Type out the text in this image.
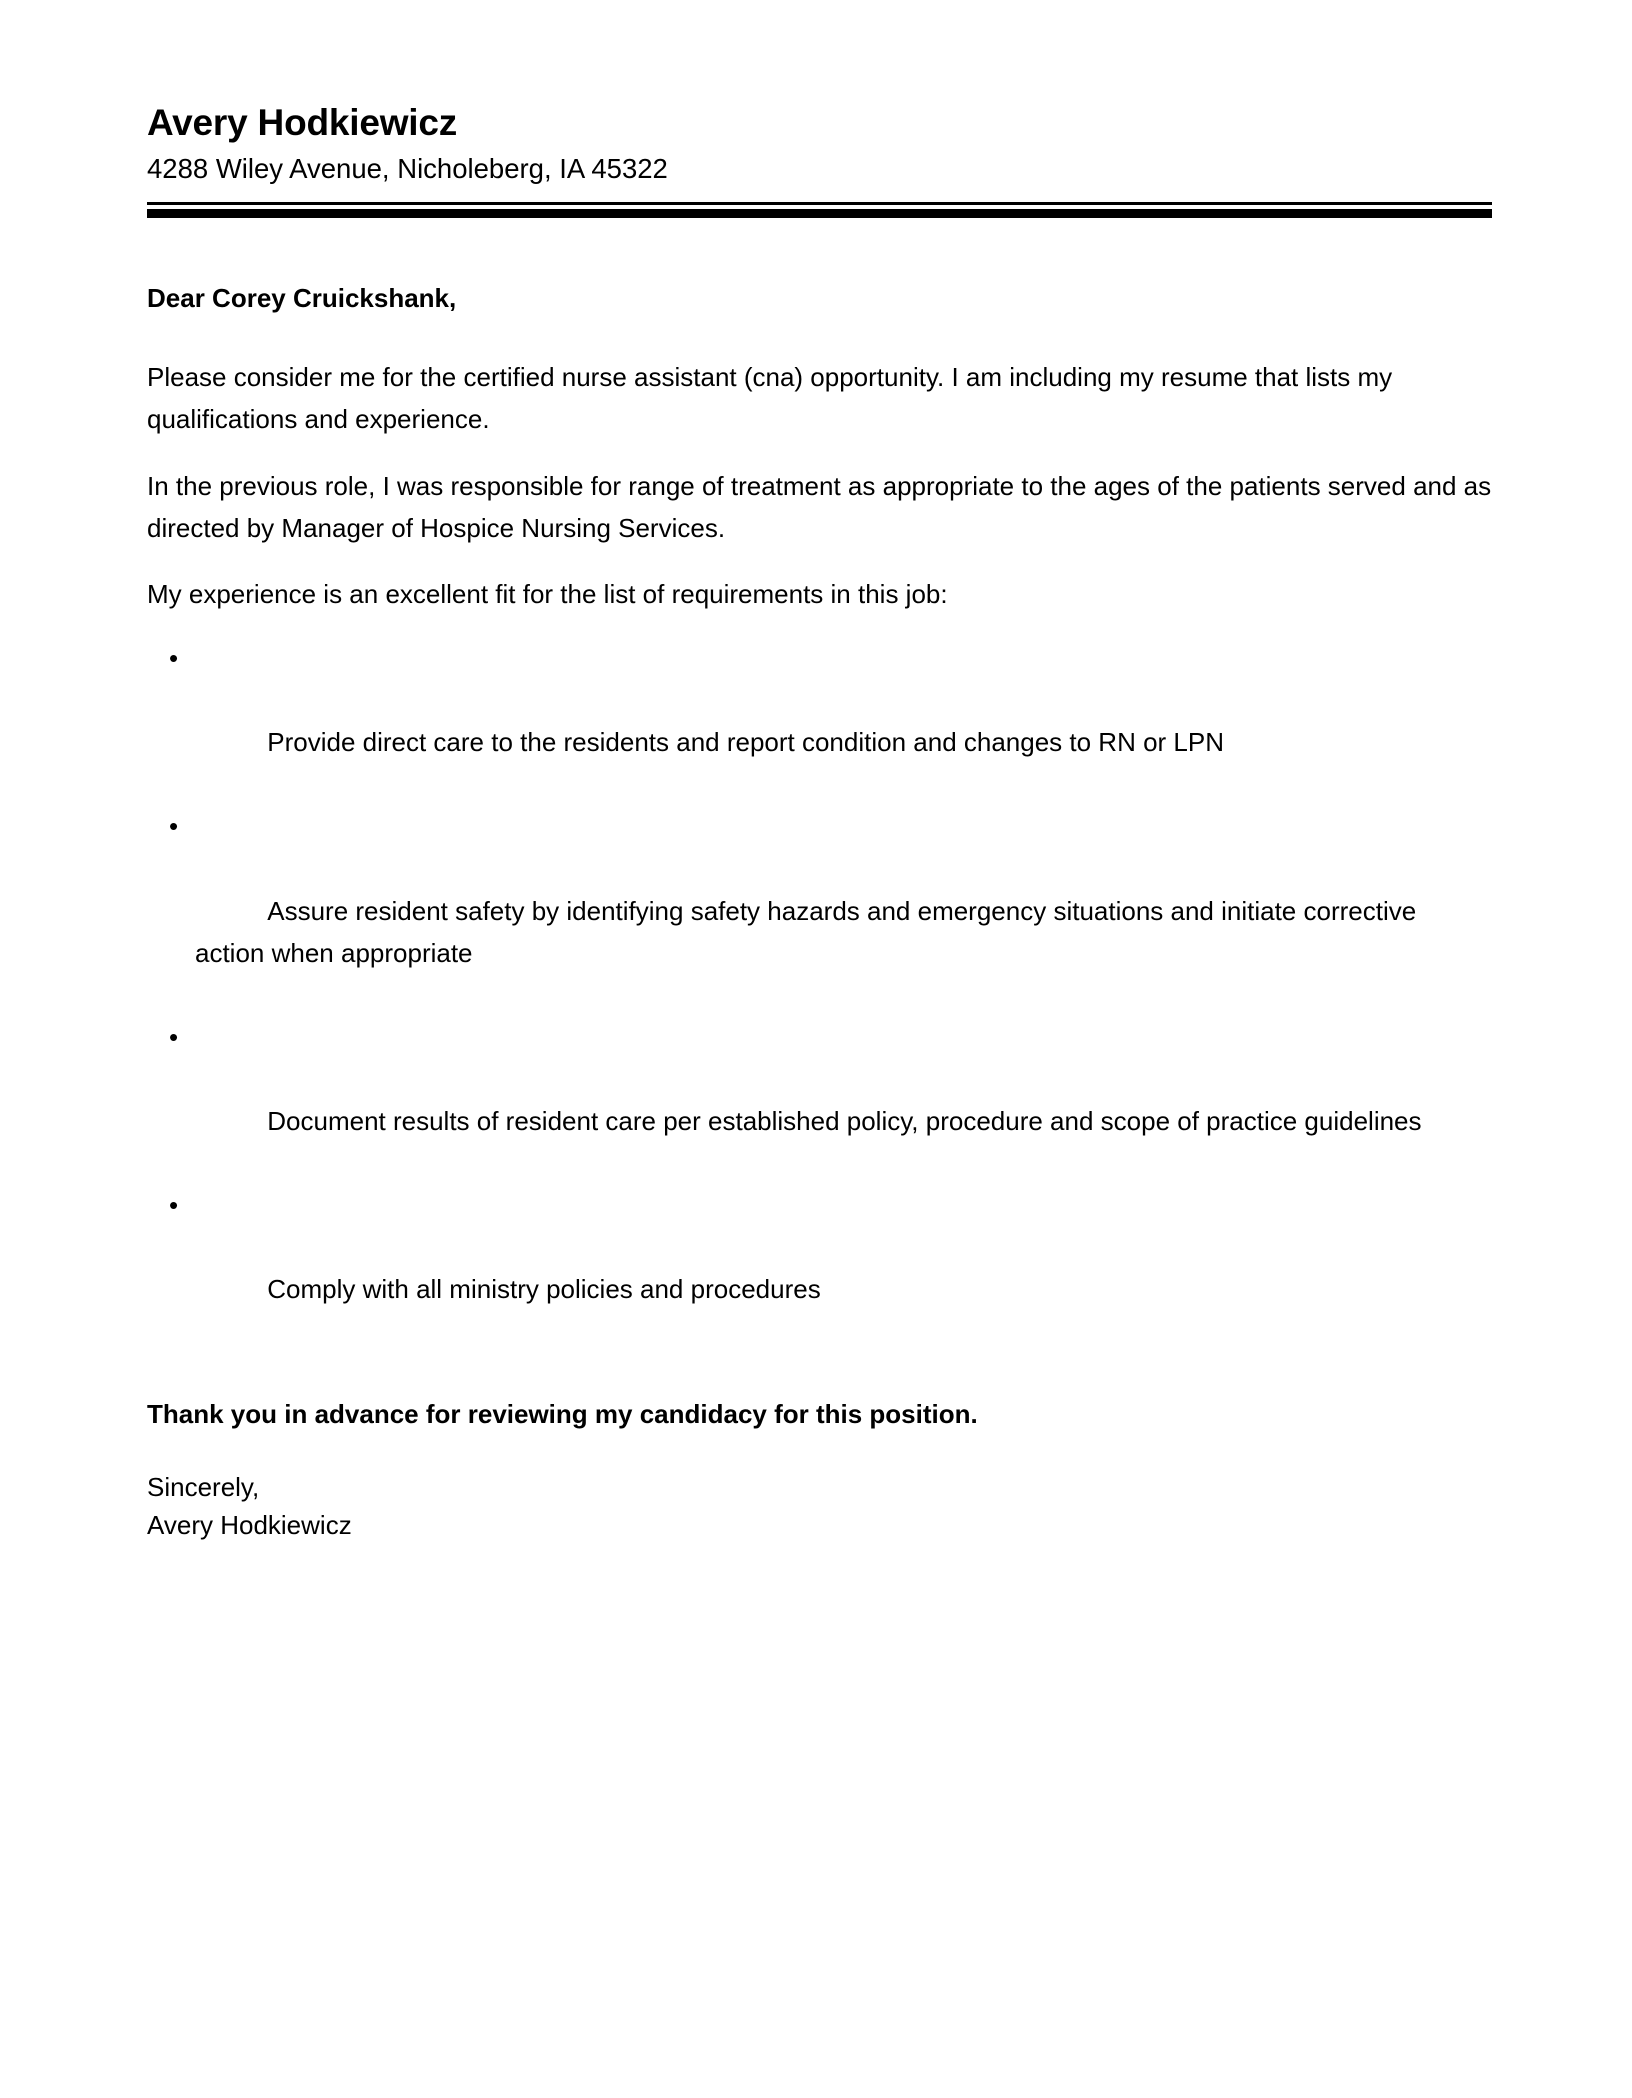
Avery Hodkiewicz
4288 Wiley Avenue, Nicholeberg, IA 45322
Dear Corey Cruickshank,

Please consider me for the certified nurse assistant (cna) opportunity. I am including my resume that lists my qualifications and experience.

In the previous role, I was responsible for range of treatment as appropriate to the ages of the patients served and as directed by Manager of Hospice Nursing Services.

My experience is an excellent fit for the list of requirements in this job:

•

Provide direct care to the residents and report condition and changes to RN or LPN

•

Assure resident safety by identifying safety hazards and emergency situations and initiate corrective action when appropriate

•

Document results of resident care per established policy, procedure and scope of practice guidelines

•

Comply with all ministry policies and procedures

Thank you in advance for reviewing my candidacy for this position.
Sincerely,
Avery Hodkiewicz
